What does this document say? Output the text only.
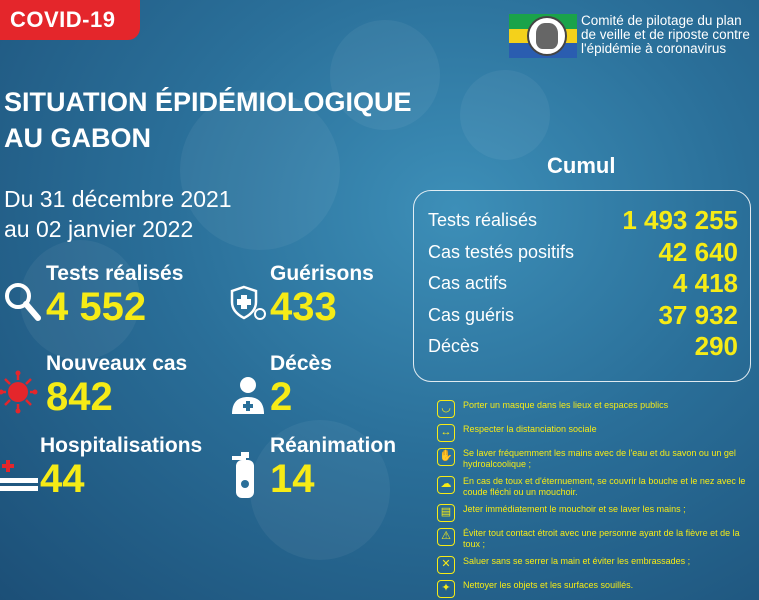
COVID-19	Comité de pilotage du plan
de veille et de riposte contre
l'épidémie à coronavirus
SITUATION ÉPIDÉMIOLOGIQUE
AU GABON
Du 31 décembre 2021
au 02 janvier 2022
Tests réalisés
4 552
Guérisons
433
Nouveaux cas
842
Décès
2
Hospitalisations
44
Réanimation
14
Cumul
Tests réalisés	1 493 255
Cas testés positifs	42 640
Cas actifs	4 418
Cas guéris	37 932
Décès	290
◡	Porter un masque dans les lieux et espaces publics
↔	Respecter la distanciation sociale
✋ Se laver fréquemment les mains avec de l'eau et du savon ou un gel hydroalcoolique ;
☁	En cas de toux et d'éternuement, se couvrir la bouche et le nez avec le coude fléchi ou un mouchoir.
▤	Jeter immédiatement le mouchoir et se laver les mains ;
⚠	Éviter tout contact étroit avec une personne ayant de la fièvre et de la toux ;
✕	Saluer sans se serrer la main et éviter les embrassades ;
✦	Nettoyer les objets et les surfaces souillés.
